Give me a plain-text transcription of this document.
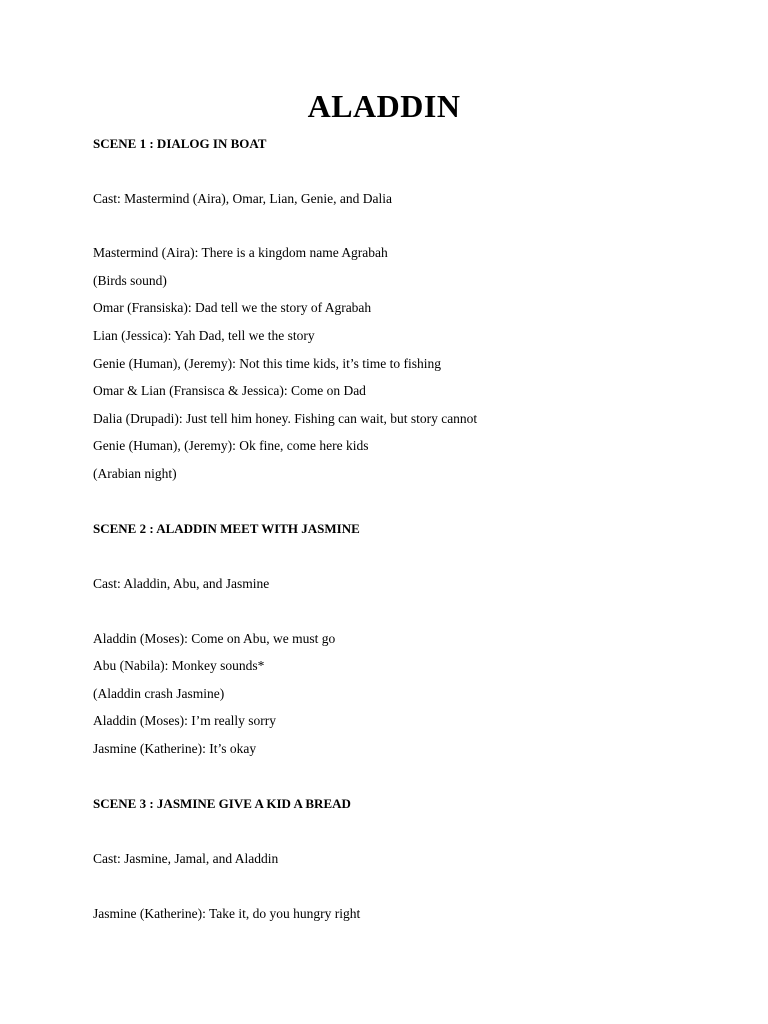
ALADDIN
SCENE 1 : DIALOG IN BOAT
Cast: Mastermind (Aira), Omar, Lian, Genie, and Dalia
Mastermind (Aira): There is a kingdom name Agrabah
(Birds sound)
Omar (Fransiska): Dad tell we the story of Agrabah
Lian (Jessica): Yah Dad, tell we the story
Genie (Human), (Jeremy): Not this time kids, it’s time to fishing
Omar & Lian (Fransisca & Jessica): Come on Dad
Dalia (Drupadi): Just tell him honey. Fishing can wait, but story cannot
Genie (Human), (Jeremy): Ok fine, come here kids
(Arabian night)
SCENE 2 : ALADDIN MEET WITH JASMINE
Cast: Aladdin, Abu, and Jasmine
Aladdin (Moses): Come on Abu, we must go
Abu (Nabila): Monkey sounds*
(Aladdin crash Jasmine)
Aladdin (Moses): I’m really sorry
Jasmine (Katherine): It’s okay
SCENE 3 : JASMINE GIVE A KID A BREAD
Cast: Jasmine, Jamal, and Aladdin
Jasmine (Katherine): Take it, do you hungry right
